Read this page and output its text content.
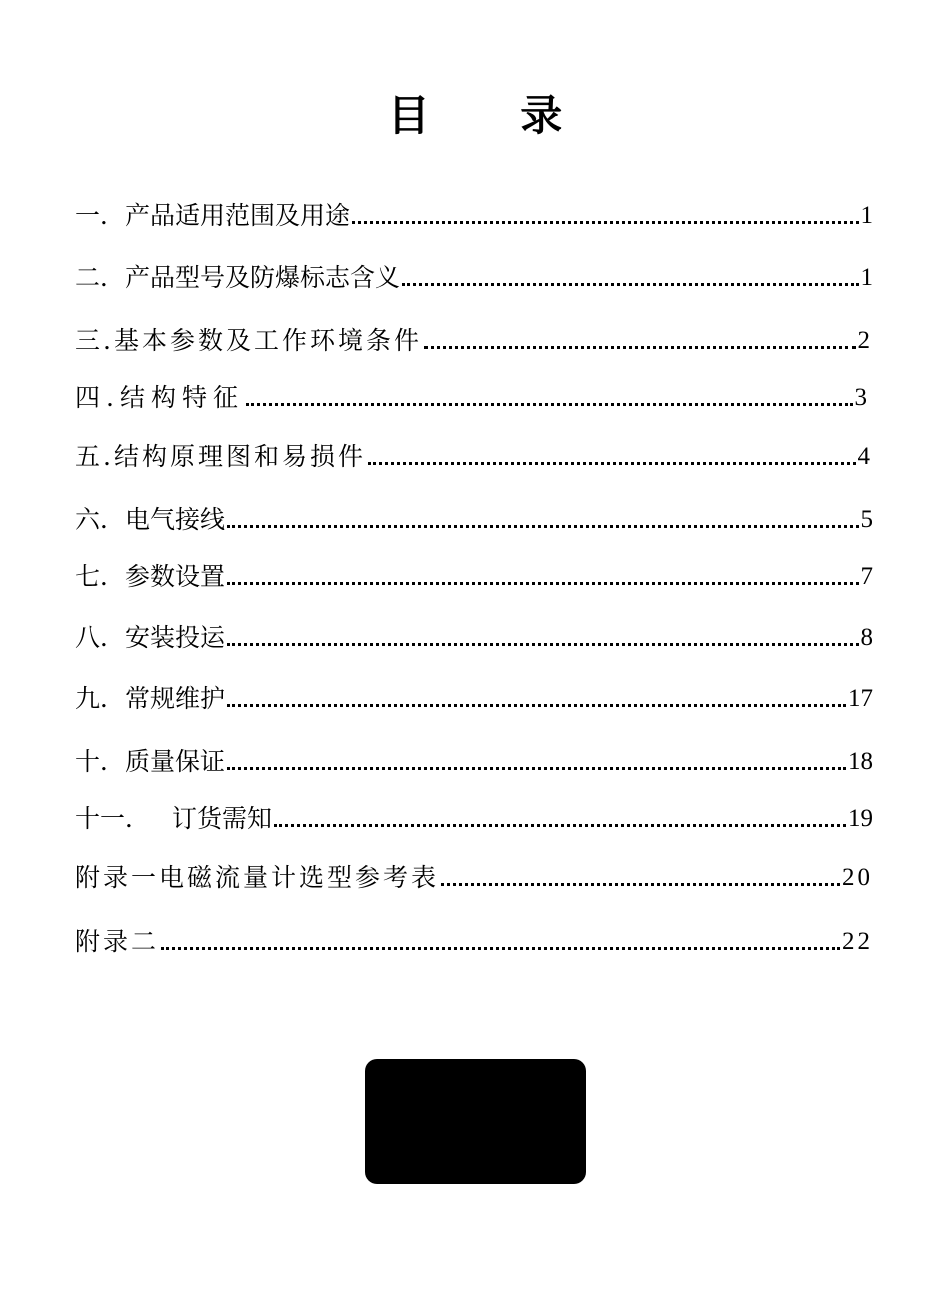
目 录
一． 产品适用范围及用途	1
二． 产品型号及防爆标志含义	1
三. 基本参数及工作环境条件	2
四. 结构特征	3
五. 结构原理图和易损件	4
六． 电气接线	5
七． 参数设置	7
八． 安装投运	8
九． 常规维护	17
十． 质量保证	18
十一． 订货需知	19
附录一 电磁流量计选型参考表	20
附录二	22
